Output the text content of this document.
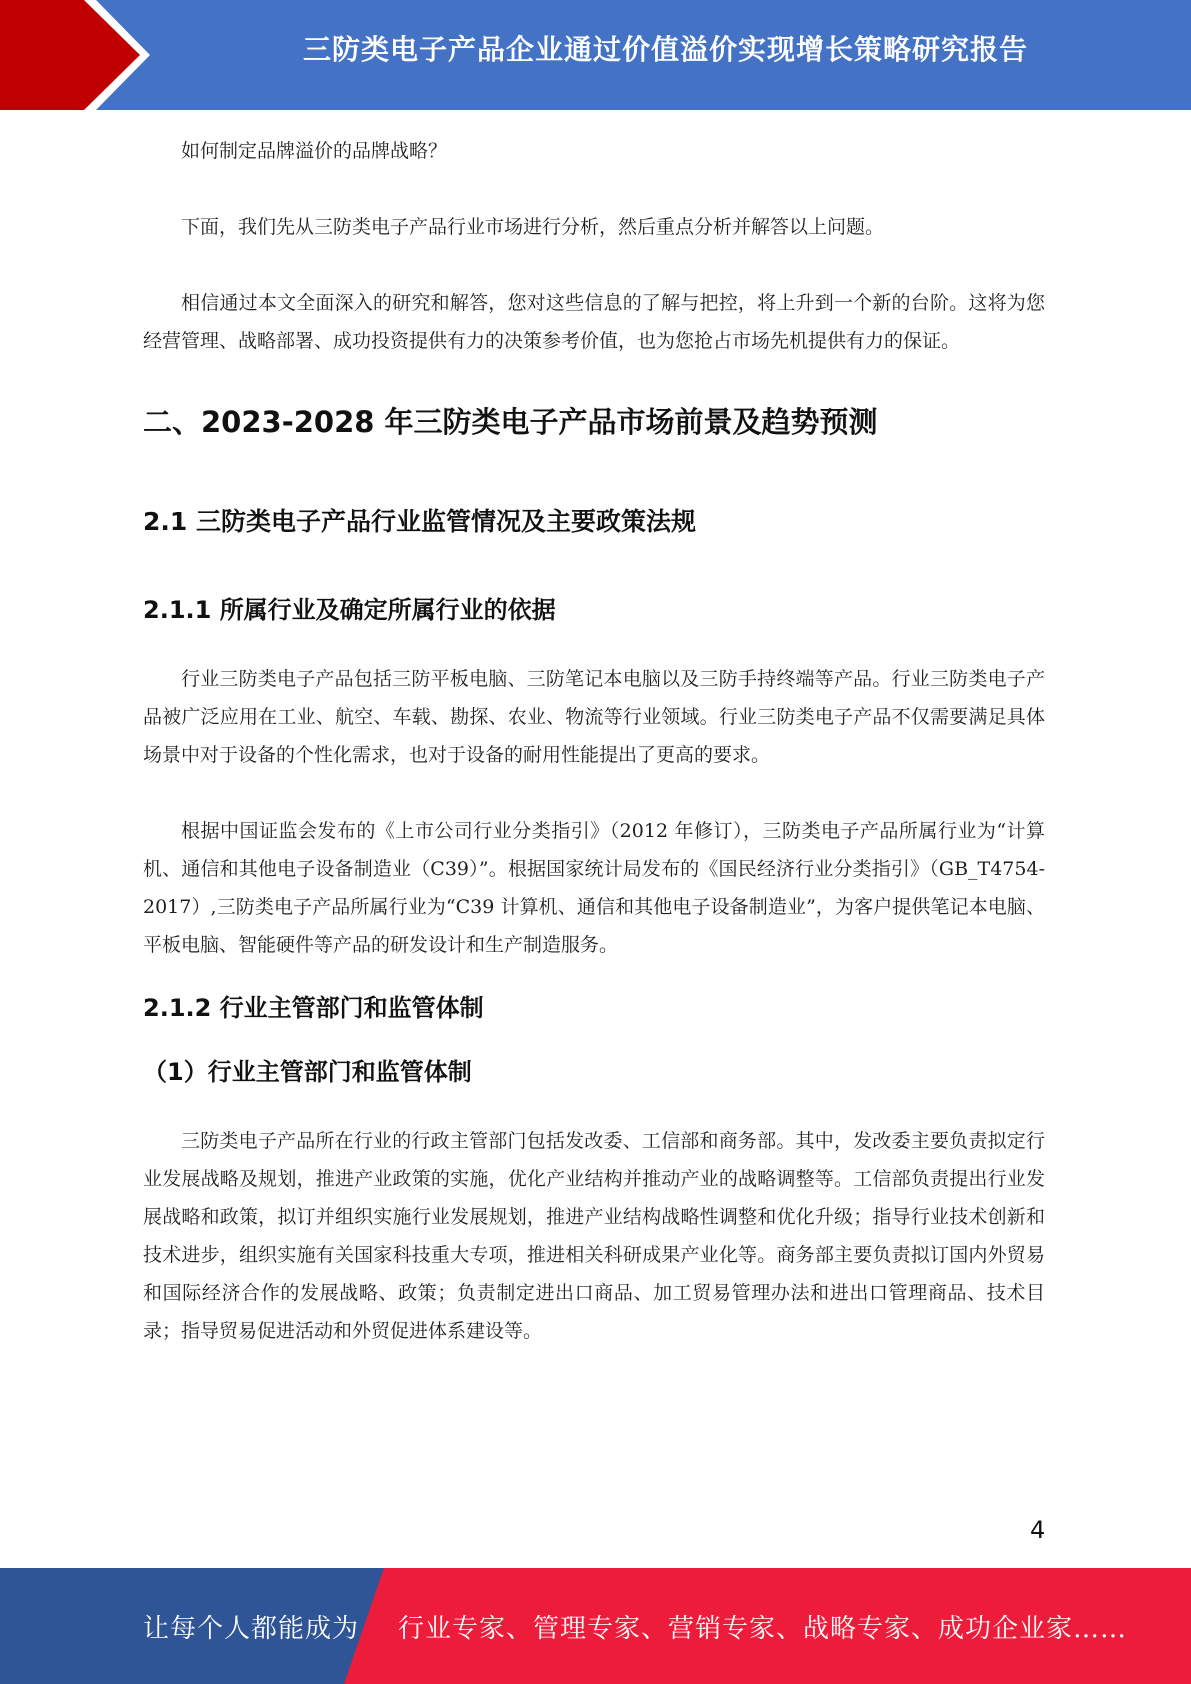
三防类电子产品企业通过价值溢价实现增长策略研究报告

如何制定品牌溢价的品牌战略？

下面，我们先从三防类电子产品行业市场进行分析，然后重点分析并解答以上问题。

相信通过本文全面深入的研究和解答，您对这些信息的了解与把控，将上升到一个新的台阶。这将为您经营管理、战略部署、成功投资提供有力的决策参考价值，也为您抢占市场先机提供有力的保证。

二、2023-2028 年三防类电子产品市场前景及趋势预测
2.1 三防类电子产品行业监管情况及主要政策法规
2.1.1 所属行业及确定所属行业的依据

行业三防类电子产品包括三防平板电脑、三防笔记本电脑以及三防手持终端等产品。行业三防类电子产品被广泛应用在工业、航空、车载、勘探、农业、物流等行业领域。行业三防类电子产品不仅需要满足具体场景中对于设备的个性化需求，也对于设备的耐用性能提出了更高的要求。

根据中国证监会发布的《上市公司行业分类指引》（2012 年修订），三防类电子产品所属行业为“计算机、通信和其他电子设备制造业（C39）”。根据国家统计局发布的《国民经济行业分类指引》（GB_T4754-2017）,三防类电子产品所属行业为“C39 计算机、通信和其他电子设备制造业”，为客户提供笔记本电脑、平板电脑、智能硬件等产品的研发设计和生产制造服务。

2.1.2 行业主管部门和监管体制
（1）行业主管部门和监管体制

三防类电子产品所在行业的行政主管部门包括发改委、工信部和商务部。其中，发改委主要负责拟定行业发展战略及规划，推进产业政策的实施，优化产业结构并推动产业的战略调整等。工信部负责提出行业发展战略和政策，拟订并组织实施行业发展规划，推进产业结构战略性调整和优化升级；指导行业技术创新和技术进步，组织实施有关国家科技重大专项，推进相关科研成果产业化等。商务部主要负责拟订国内外贸易和国际经济合作的发展战略、政策；负责制定进出口商品、加工贸易管理办法和进出口管理商品、技术目录；指导贸易促进活动和外贸促进体系建设等。

4
让每个人都能成为 行业专家、管理专家、营销专家、战略专家、成功企业家……
